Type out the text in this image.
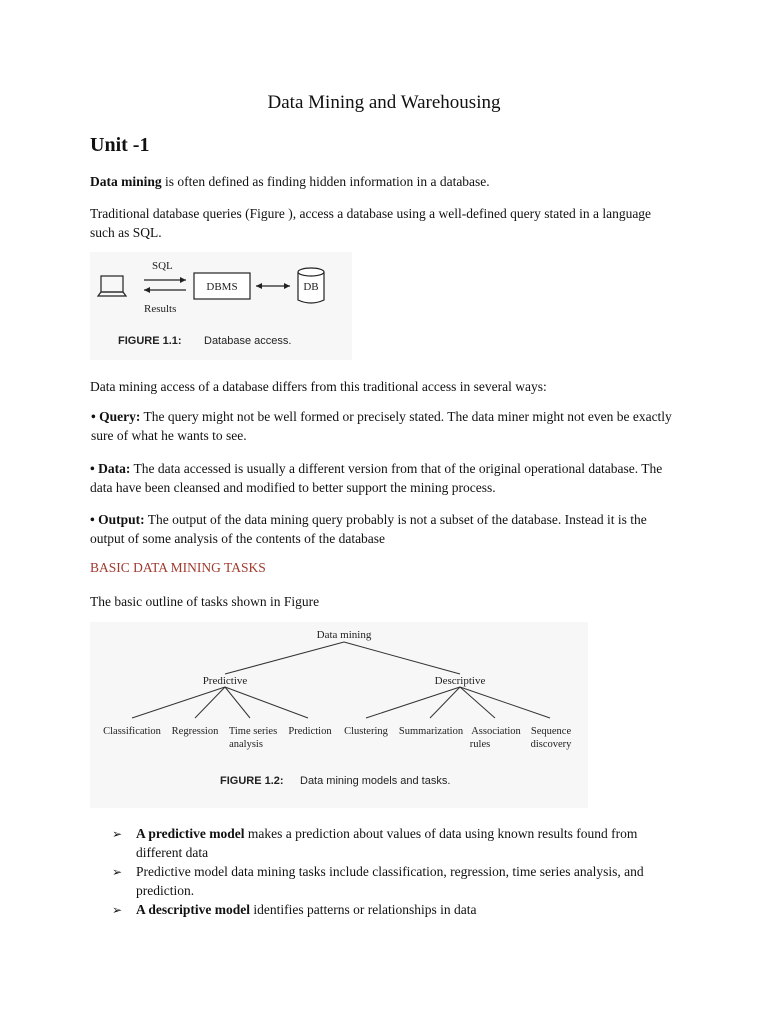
Data Mining and Warehousing
Unit -1
Data mining is often defined as finding hidden information in a database.
Traditional database queries (Figure ), access a database using a well-defined query stated in a language such as SQL.
SQL
Results
DBMS	DB
FIGURE 1.1: Database access.
Data mining access of a database differs from this traditional access in several ways:
• Query: The query might not be well formed or precisely stated. The data miner might not even be exactly sure of what he wants to see.
• Data: The data accessed is usually a different version from that of the original operational database. The data have been cleansed and modified to better support the mining process.
• Output: The output of the data mining query probably is not a subset of the database. Instead it is the output of some analysis of the contents of the database
BASIC DATA MINING TASKS
The basic outline of tasks shown in Figure
Data mining
Predictive	Descriptive
Classification Regression Time series
analysis
Prediction Clustering Summarization Association
rules
Sequence
discovery
FIGURE 1.2: Data mining models and tasks.
➢ A predictive model makes a prediction about values of data using known results found from different data
➢ Predictive model data mining tasks include classification, regression, time series analysis, and prediction.
➢ A descriptive model identifies patterns or relationships in data
